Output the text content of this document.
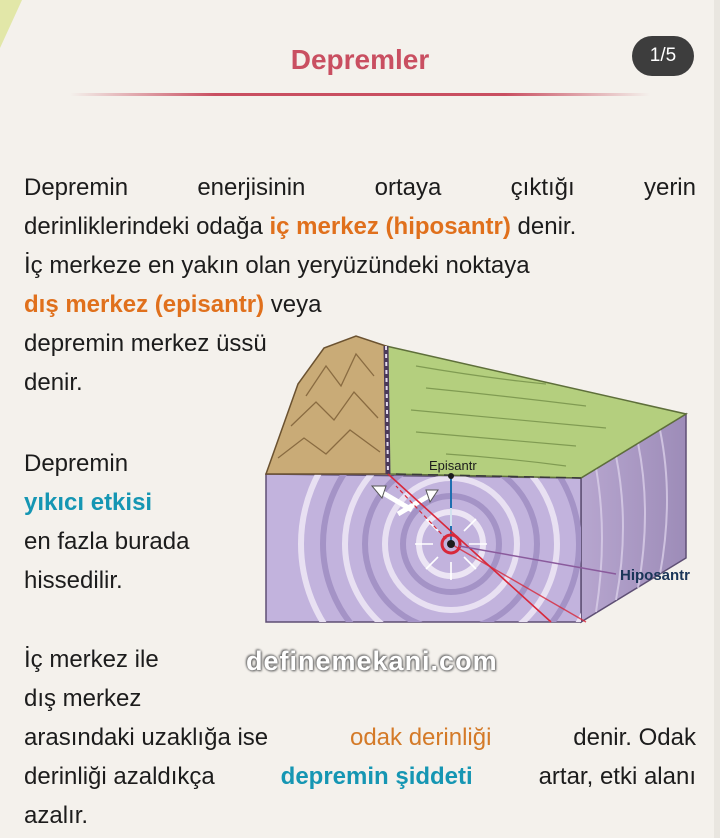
Depremler	1/5
Depremin	enerjisinin	ortaya	çıktığı	yerin
derinliklerindeki odağa iç merkez (hiposantr) denir.
İç merkeze en yakın olan yeryüzündeki noktaya
dış merkez (episantr) veya
depremin merkez üssü
denir.
Depremin
yıkıcı etkisi
en fazla burada
hissedilir.
İç merkez ile
dış merkez
arasındaki uzaklığa ise	odak derinliği	denir. Odak
derinliği azaldıkça	depremin şiddeti	artar, etki alanı
azalır.
Episantr
Hiposantr
definemekani.com
